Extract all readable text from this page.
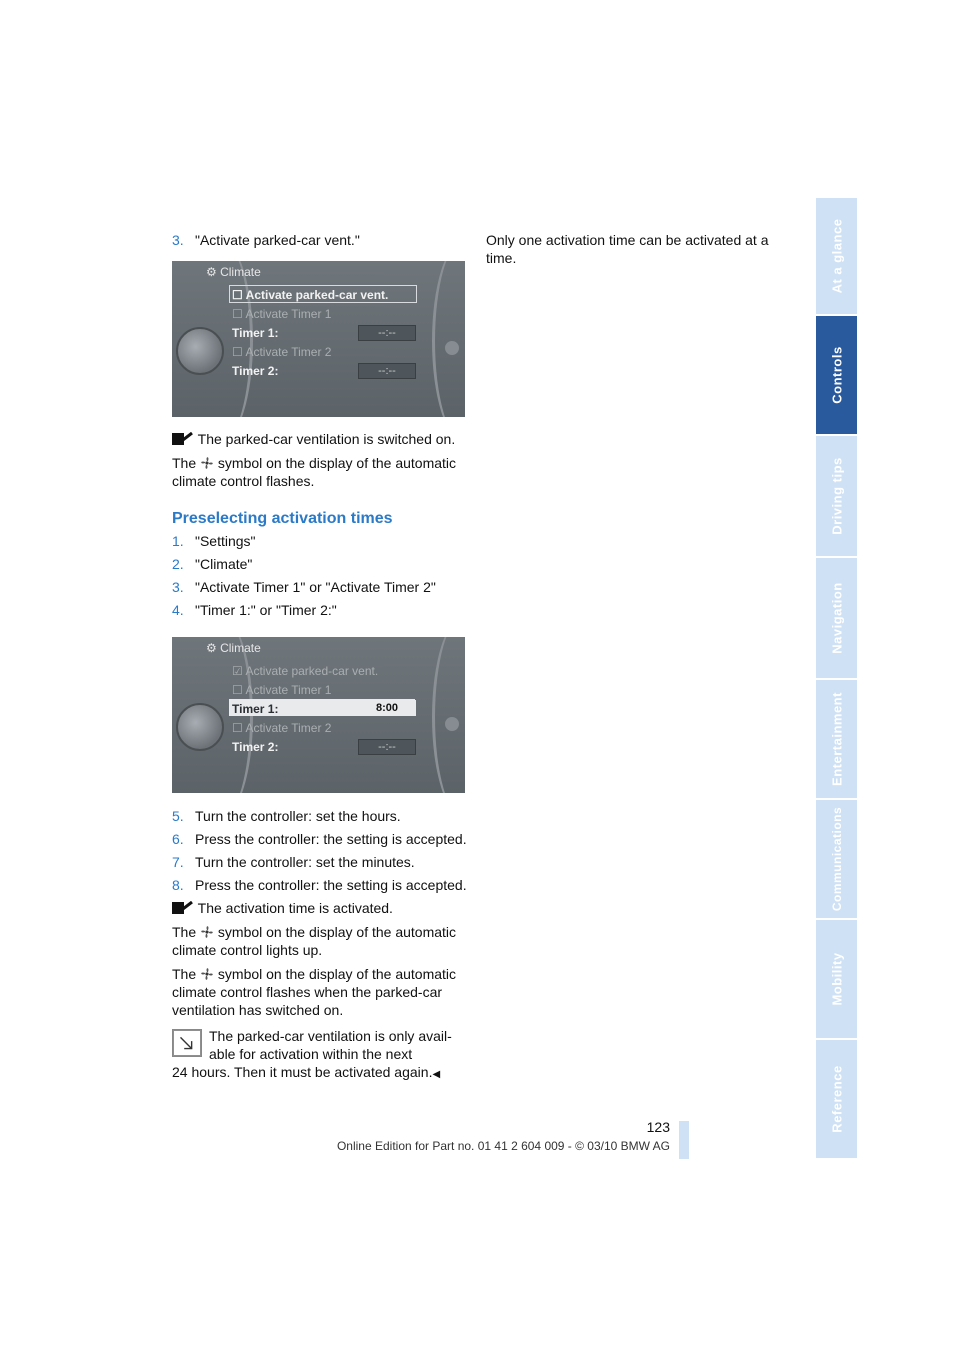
At a glance
Controls
Driving tips
Navigation
Entertainment
Communications
Mobility
Reference
3. "Activate parked-car vent."
⚙ Climate
☐ Activate parked-car vent.
☐ Activate Timer 1
Timer 1:	--:--
☐ Activate Timer 2
Timer 2:	--:--

The parked-car ventilation is switched on.

The symbol on the display of the automatic climate control flashes.

Preselecting activation times
1. "Settings"
2. "Climate"
3. "Activate Timer 1" or "Activate Timer 2"
4. "Timer 1:" or "Timer 2:"
⚙ Climate
☑ Activate parked-car vent.
☐ Activate Timer 1
Timer 1:	8:00
☐ Activate Timer 2
Timer 2:	--:--
5. Turn the controller: set the hours.
6. Press the controller: the setting is accepted.
7. Turn the controller: set the minutes.
8. Press the controller: the setting is accepted.

The activation time is activated.

The symbol on the display of the automatic climate control lights up.

The symbol on the display of the automatic climate control flashes when the parked-car ventilation has switched on.

The parked-car ventilation is only avail-
able for activation within the next
24 hours. Then it must be activated again.◀

Only one activation time can be activated at a time.

123
Online Edition for Part no. 01 41 2 604 009 - © 03/10 BMW AG
